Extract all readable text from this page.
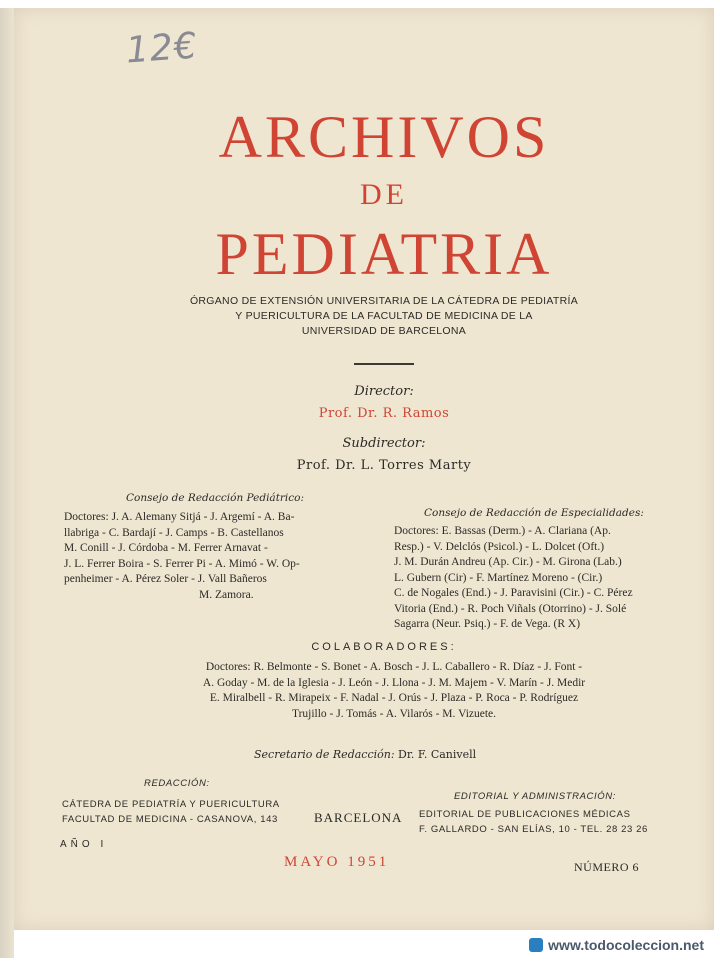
12€
ARCHIVOS
DE
PEDIATRIA
ÓRGANO DE EXTENSIÓN UNIVERSITARIA DE LA CÁTEDRA DE PEDIATRÍA
Y PUERICULTURA DE LA FACULTAD DE MEDICINA DE LA
UNIVERSIDAD DE BARCELONA
Director:
Prof. Dr. R. Ramos
Subdirector:
Prof. Dr. L. Torres Marty
Consejo de Redacción Pediátrico:
Doctores: J. A. Alemany Sitjá - J. Argemí - A. Ba-
llabriga - C. Bardají - J. Camps - B. Castellanos
M. Conill - J. Córdoba - M. Ferrer Arnavat -
J. L. Ferrer Boira - S. Ferrer Pi - A. Mimó - W. Op-
penheimer - A. Pérez Soler - J. Vall Bañeros
M. Zamora.
Consejo de Redacción de Especialidades:
Doctores: E. Bassas (Derm.) - A. Clariana (Ap.
Resp.) - V. Delclós (Psicol.) - L. Dolcet (Oft.)
J. M. Durán Andreu (Ap. Cir.) - M. Girona (Lab.)
L. Gubern (Cir) - F. Martínez Moreno - (Cir.)
C. de Nogales (End.) - J. Paravisini (Cir.) - C. Pérez
Vitoria (End.) - R. Poch Viñals (Otorrino) - J. Solé
Sagarra (Neur. Psiq.) - F. de Vega. (R X)
COLABORADORES:
Doctores: R. Belmonte - S. Bonet - A. Bosch - J. L. Caballero - R. Díaz - J. Font -
A. Goday - M. de la Iglesia - J. León - J. Llona - J. M. Majem - V. Marín - J. Medir
E. Miralbell - R. Mirapeix - F. Nadal - J. Orús - J. Plaza - P. Roca - P. Rodríguez
Trujillo - J. Tomás - A. Vilarós - M. Vizuete.
Secretario de Redacción: Dr. F. Canivell
REDACCIÓN:
CÁTEDRA DE PEDIATRÍA Y PUERICULTURA
FACULTAD DE MEDICINA - CASANOVA, 143	BARCELONA
EDITORIAL Y ADMINISTRACIÓN:
EDITORIAL DE PUBLICACIONES MÉDICAS
F. GALLARDO - SAN ELÍAS, 10 - TEL. 28 23 26
AÑO I
MAYO 1951	NÚMERO 6
www.todocoleccion.net
